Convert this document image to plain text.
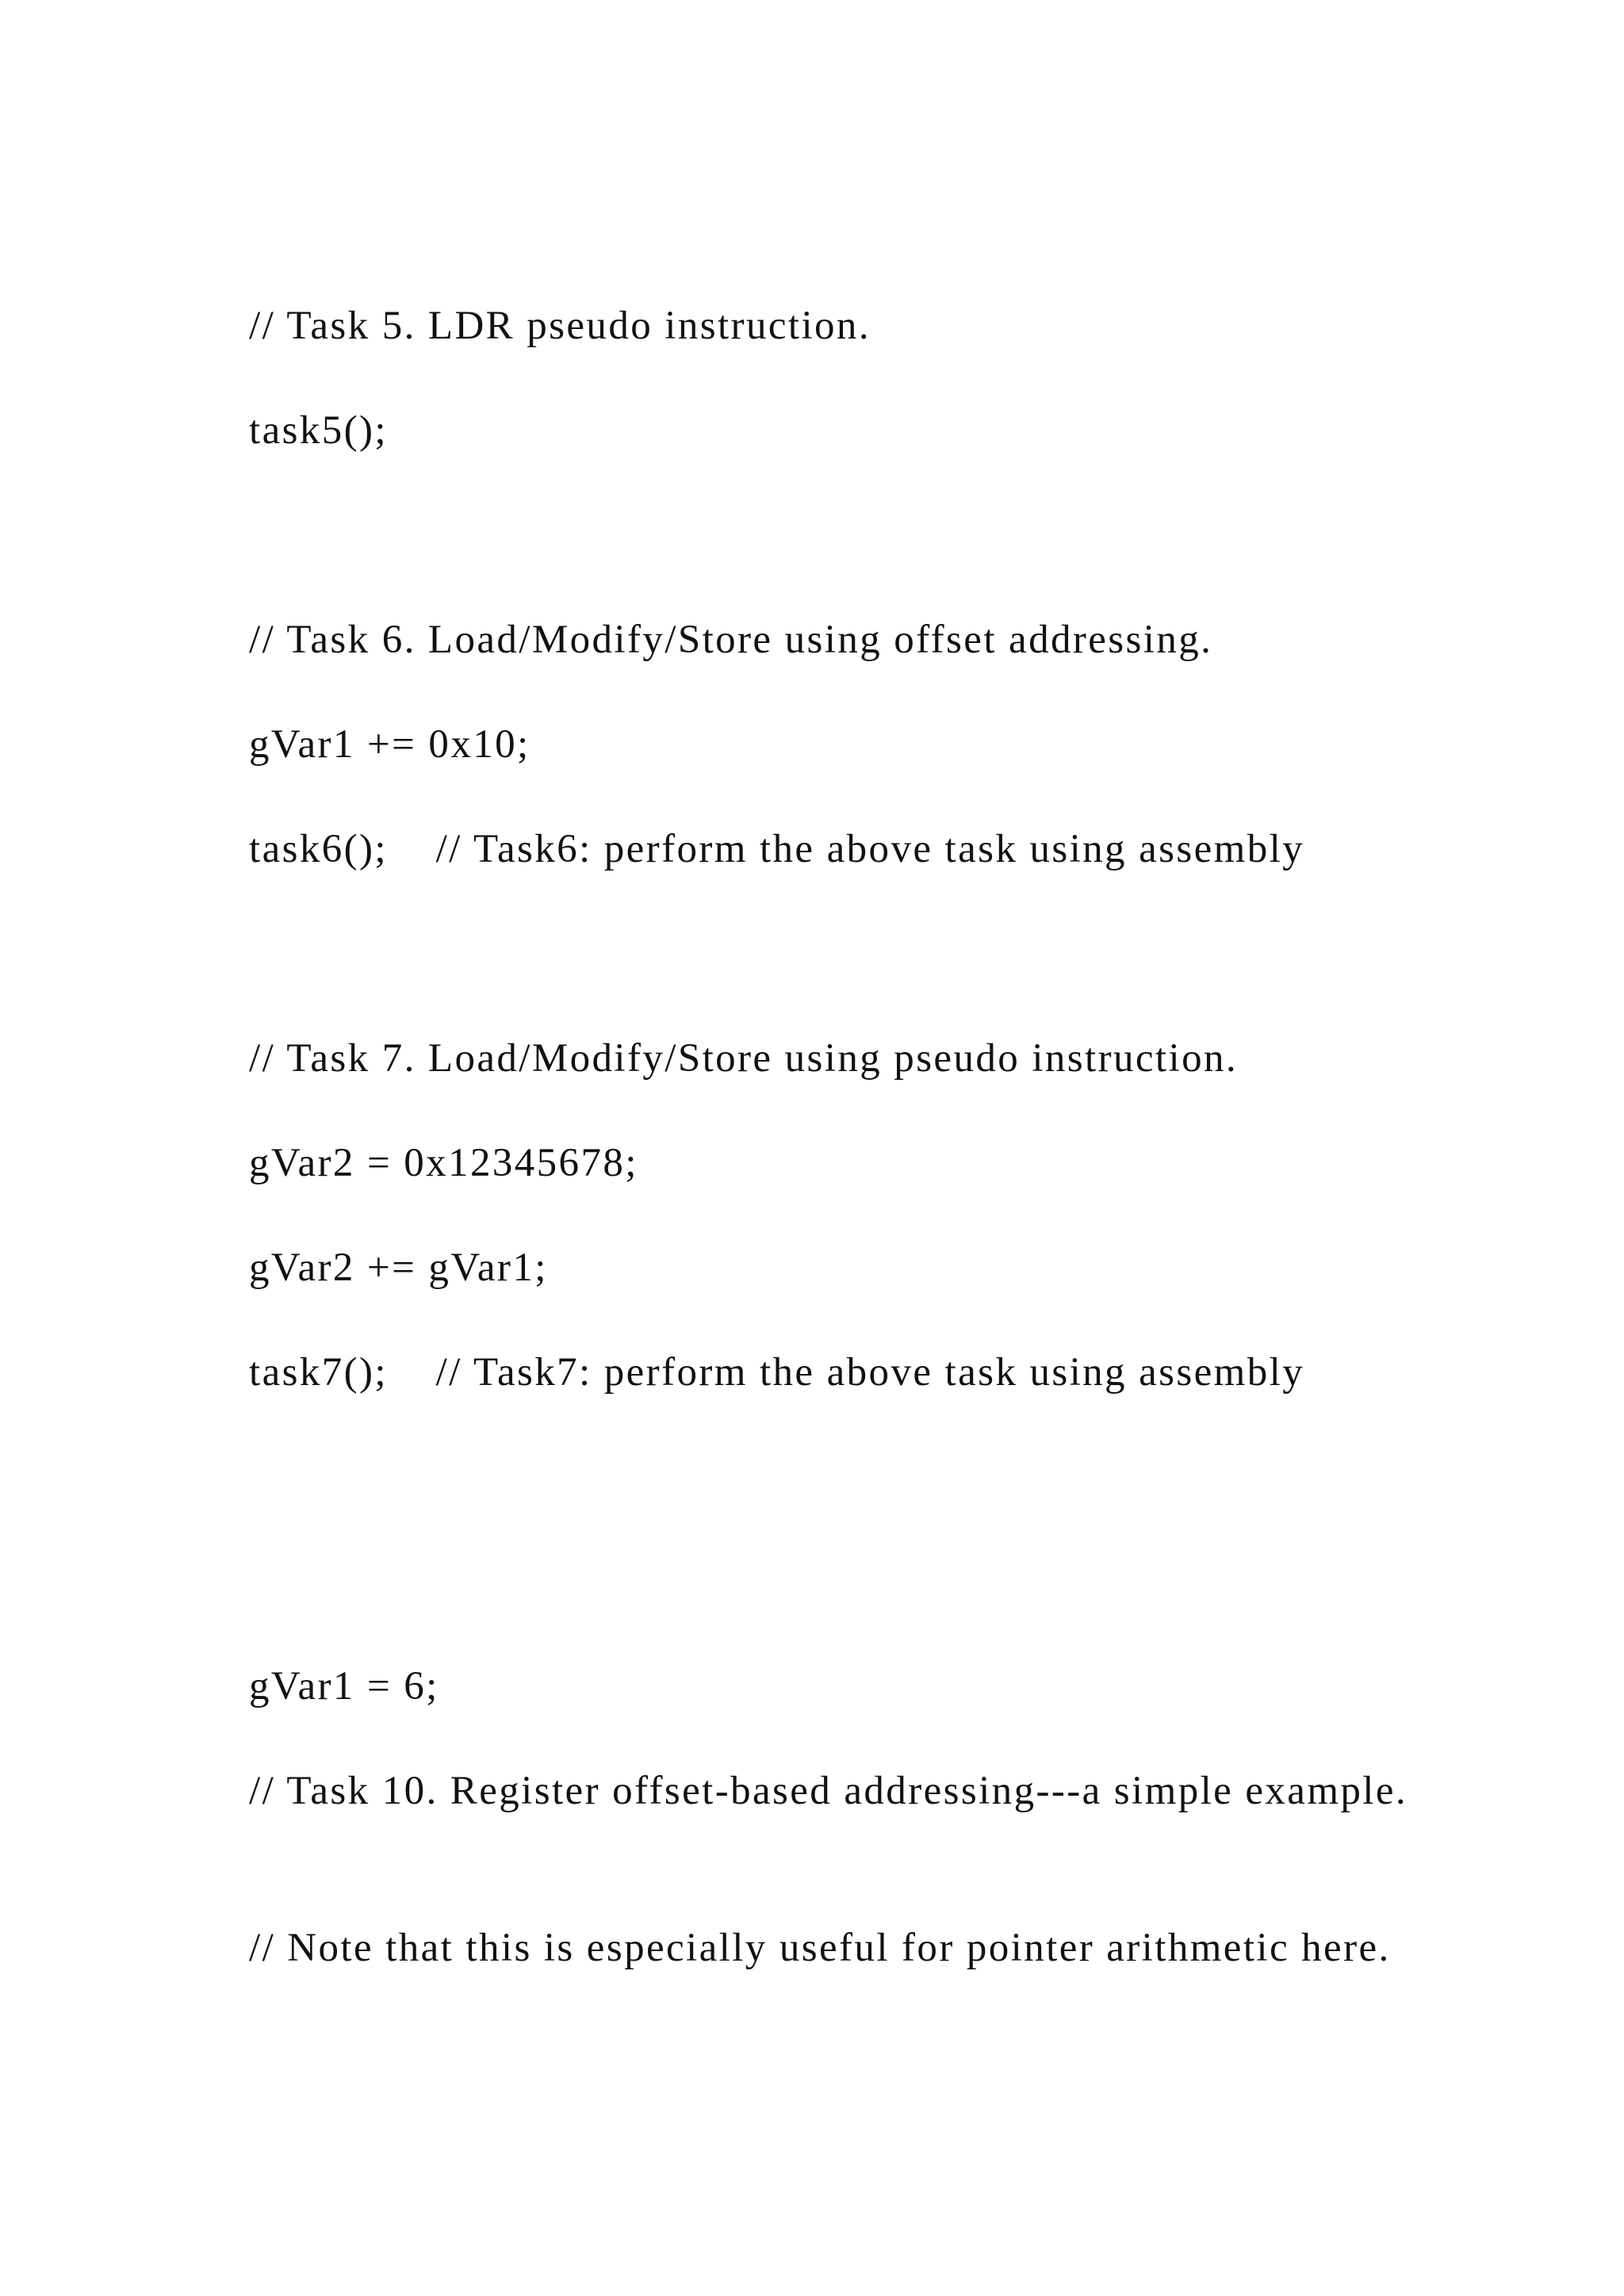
// Task 5. LDR pseudo instruction.
task5();
// Task 6. Load/Modify/Store using offset addressing.
gVar1 += 0x10;
task6();    // Task6: perform the above task using assembly
// Task 7. Load/Modify/Store using pseudo instruction.
gVar2 = 0x12345678;
gVar2 += gVar1;
task7();    // Task7: perform the above task using assembly
gVar1 = 6;
// Task 10. Register offset-based addressing---a simple example.
// Note that this is especially useful for pointer arithmetic here.
